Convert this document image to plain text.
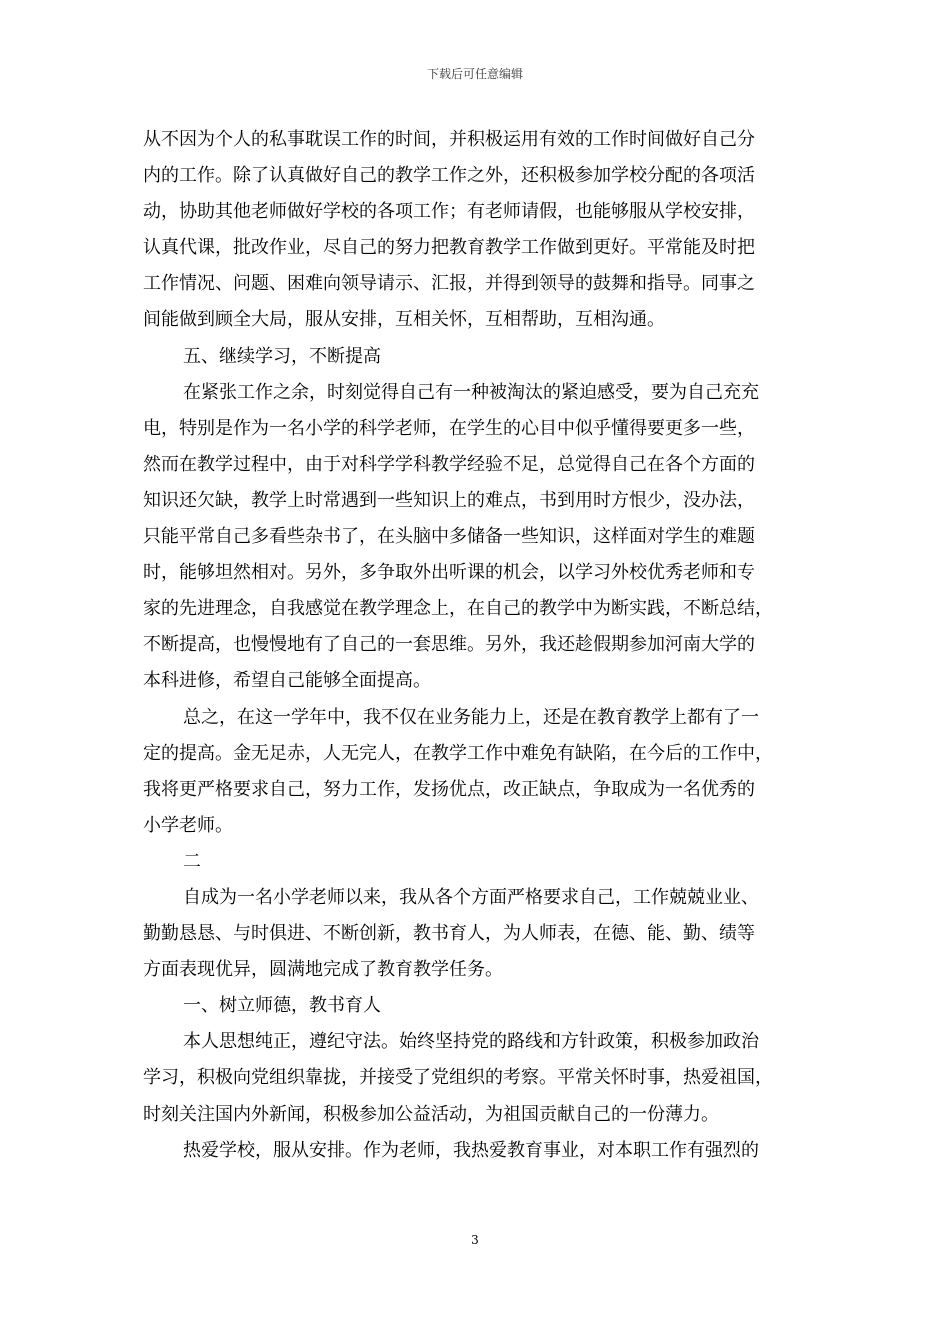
下载后可任意编辑
从不因为个人的私事耽误工作的时间，并积极运用有效的工作时间做好自己分
内的工作。除了认真做好自己的教学工作之外，还积极参加学校分配的各项活
动，协助其他老师做好学校的各项工作；有老师请假，也能够服从学校安排，
认真代课，批改作业，尽自己的努力把教育教学工作做到更好。平常能及时把
工作情况、问题、困难向领导请示、汇报，并得到领导的鼓舞和指导。同事之
间能做到顾全大局，服从安排，互相关怀，互相帮助，互相沟通。
五、继续学习，不断提高
在紧张工作之余，时刻觉得自己有一种被淘汰的紧迫感受，要为自己充充
电，特别是作为一名小学的科学老师，在学生的心目中似乎懂得要更多一些，
然而在教学过程中，由于对科学学科教学经验不足，总觉得自己在各个方面的
知识还欠缺，教学上时常遇到一些知识上的难点，书到用时方恨少，没办法，
只能平常自己多看些杂书了，在头脑中多储备一些知识，这样面对学生的难题
时，能够坦然相对。另外，多争取外出听课的机会，以学习外校优秀老师和专
家的先进理念，自我感觉在教学理念上，在自己的教学中为断实践，不断总结，
不断提高，也慢慢地有了自己的一套思维。另外，我还趁假期参加河南大学的
本科进修，希望自己能够全面提高。
总之，在这一学年中，我不仅在业务能力上，还是在教育教学上都有了一
定的提高。金无足赤，人无完人，在教学工作中难免有缺陷，在今后的工作中，
我将更严格要求自己，努力工作，发扬优点，改正缺点，争取成为一名优秀的
小学老师。
二
自成为一名小学老师以来，我从各个方面严格要求自己，工作兢兢业业、
勤勤恳恳、与时俱进、不断创新，教书育人，为人师表，在德、能、勤、绩等
方面表现优异，圆满地完成了教育教学任务。
一、树立师德，教书育人
本人思想纯正，遵纪守法。始终坚持党的路线和方针政策，积极参加政治
学习，积极向党组织靠拢，并接受了党组织的考察。平常关怀时事，热爱祖国，
时刻关注国内外新闻，积极参加公益活动，为祖国贡献自己的一份薄力。
热爱学校，服从安排。作为老师，我热爱教育事业，对本职工作有强烈的
3
